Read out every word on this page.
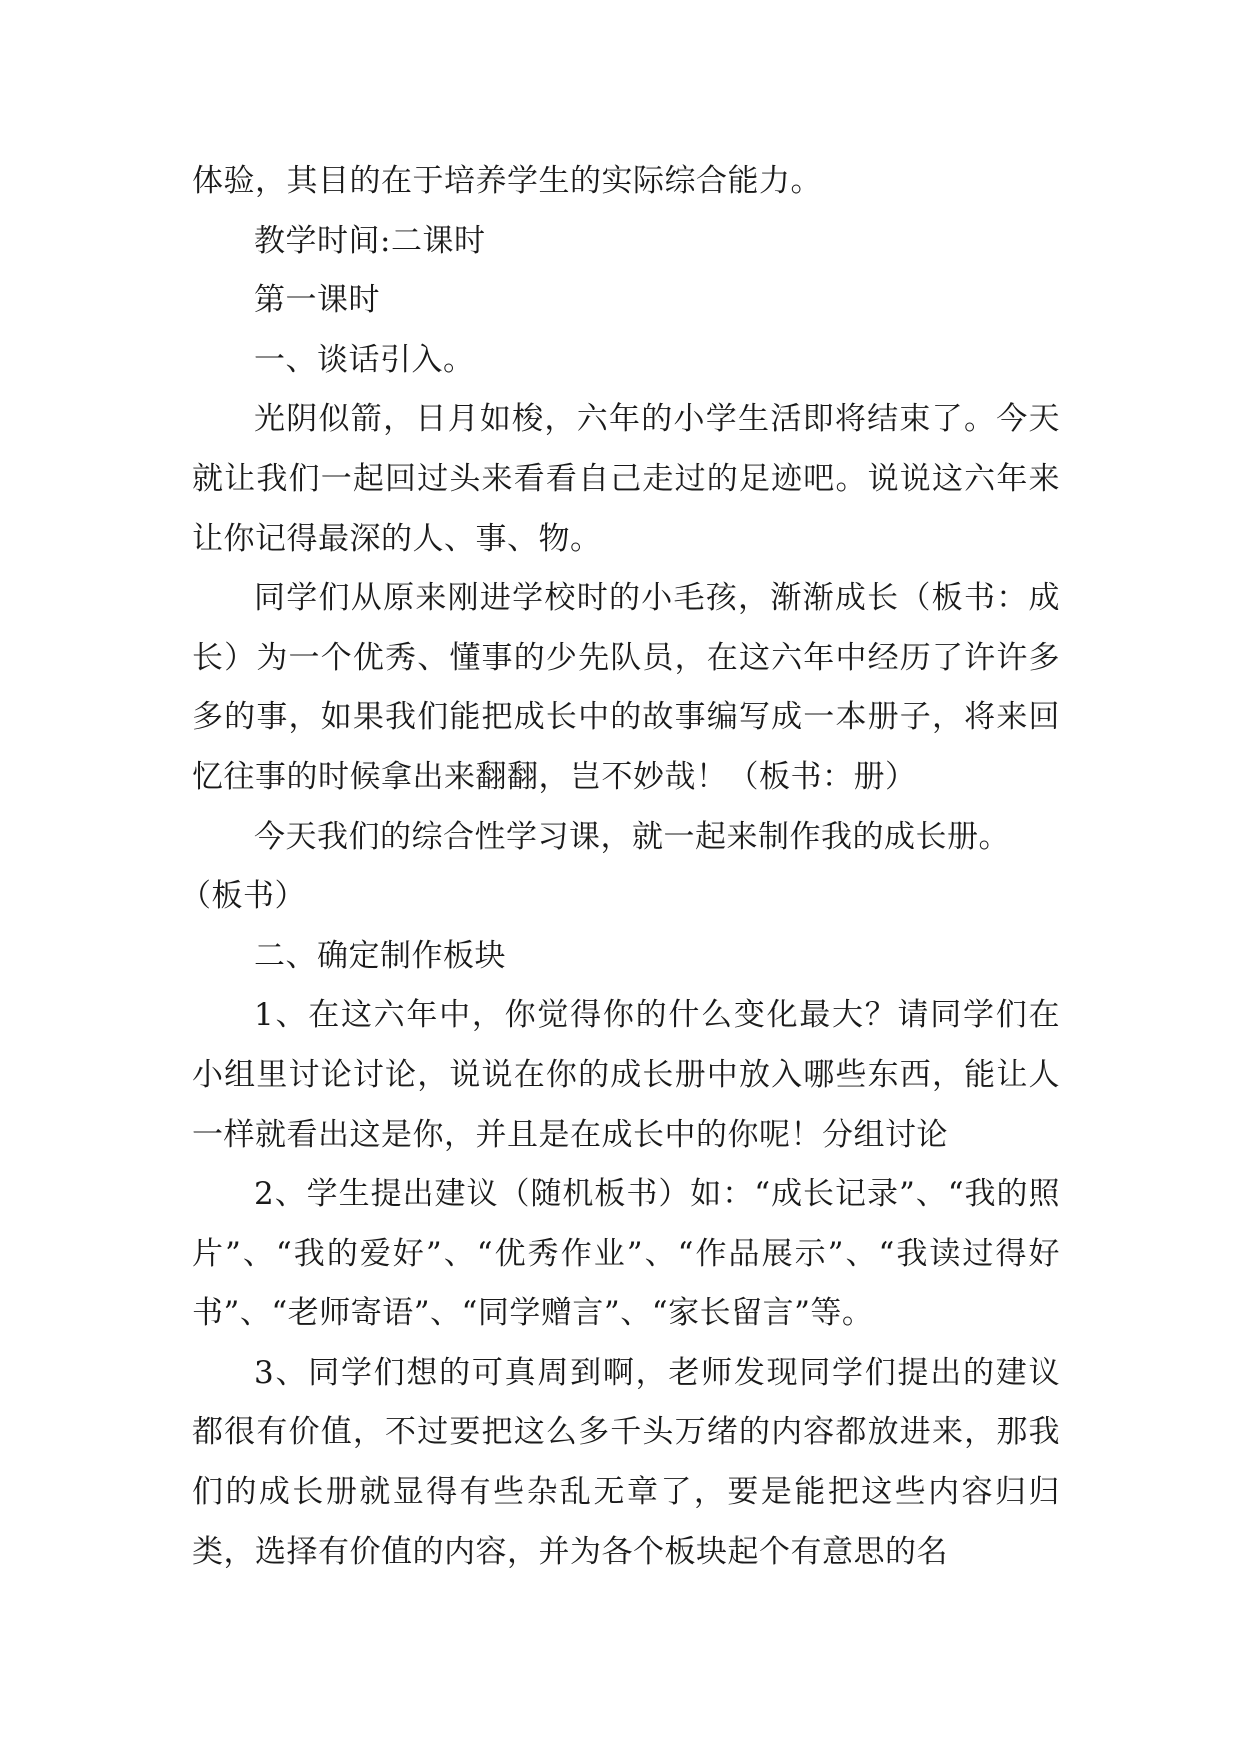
体验，其目的在于培养学生的实际综合能力。

教学时间:二课时

第一课时

一、谈话引入。

光阴似箭，日月如梭，六年的小学生活即将结束了。今天就让我们一起回过头来看看自己走过的足迹吧。说说这六年来让你记得最深的人、事、物。

同学们从原来刚进学校时的小毛孩，渐渐成长（板书：成长）为一个优秀、懂事的少先队员，在这六年中经历了许许多多的事，如果我们能把成长中的故事编写成一本册子，将来回忆往事的时候拿出来翻翻，岂不妙哉！（板书：册）

今天我们的综合性学习课，就一起来制作我的成长册。

（板书）

二、确定制作板块

1、在这六年中，你觉得你的什么变化最大？请同学们在小组里讨论讨论，说说在你的成长册中放入哪些东西，能让人一样就看出这是你，并且是在成长中的你呢！分组讨论

2、学生提出建议（随机板书）如：“成长记录”、“我的照片”、“我的爱好”、“优秀作业”、“作品展示”、“我读过得好书”、“老师寄语”、“同学赠言”、“家长留言”等。

3、同学们想的可真周到啊，老师发现同学们提出的建议都很有价值，不过要把这么多千头万绪的内容都放进来，那我们的成长册就显得有些杂乱无章了，要是能把这些内容归归类，选择有价值的内容，并为各个板块起个有意思的名
